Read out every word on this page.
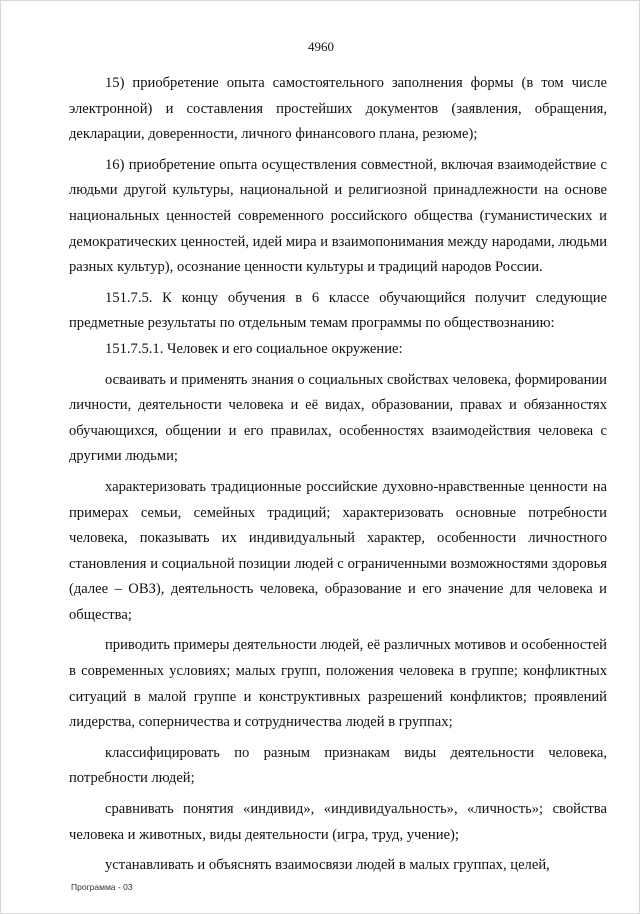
4960

15) приобретение опыта самостоятельного заполнения формы (в том числе электронной) и составления простейших документов (заявления, обращения, декларации, доверенности, личного финансового плана, резюме);

16) приобретение опыта осуществления совместной, включая взаимодействие с людьми другой культуры, национальной и религиозной принадлежности на основе национальных ценностей современного российского общества (гуманистических и демократических ценностей, идей мира и взаимопонимания между народами, людьми разных культур), осознание ценности культуры и традиций народов России.

151.7.5. К концу обучения в 6 классе обучающийся получит следующие предметные результаты по отдельным темам программы по обществознанию:

151.7.5.1. Человек и его социальное окружение:

осваивать и применять знания о социальных свойствах человека, формировании личности, деятельности человека и её видах, образовании, правах и обязанностях обучающихся, общении и его правилах, особенностях взаимодействия человека с другими людьми;

характеризовать традиционные российские духовно-нравственные ценности на примерах семьи, семейных традиций; характеризовать основные потребности человека, показывать их индивидуальный характер, особенности личностного становления и социальной позиции людей с ограниченными возможностями здоровья (далее – ОВЗ), деятельность человека, образование и его значение для человека и общества;

приводить примеры деятельности людей, её различных мотивов и особенностей в современных условиях; малых групп, положения человека в группе; конфликтных ситуаций в малой группе и конструктивных разрешений конфликтов; проявлений лидерства, соперничества и сотрудничества людей в группах;

классифицировать по разным признакам виды деятельности человека, потребности людей;

сравнивать понятия «индивид», «индивидуальность», «личность»; свойства человека и животных, виды деятельности (игра, труд, учение);

устанавливать и объяснять взаимосвязи людей в малых группах, целей,

Программа - 03
